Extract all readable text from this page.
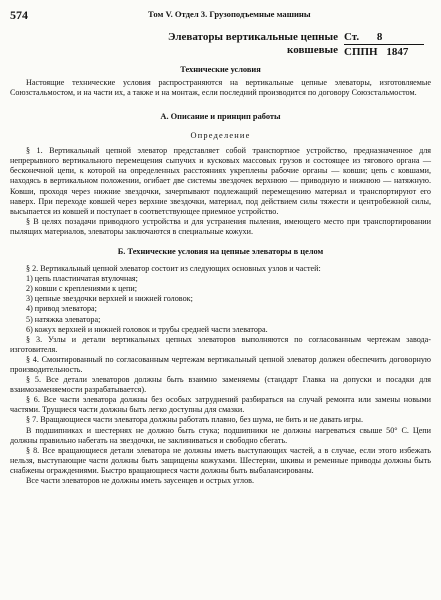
574	Том V. Отдел 3. Грузоподъемные машины
Элеваторы вертикальные цепные
ковшевые
Ст. 8
СППН 1847
Технические условия

Настоящие технические условия распространяются на вертикальные цепные элеваторы, изготовляемые Союзстальмостом, и на части их, а также и на монтаж, если последний производится по договору Союзстальмостом.

А. Описание и принцип работы
Определение

§ 1. Вертикальный цепной элеватор представляет собой транспортное устройство, предназначенное для непрерывного вертикального перемещения сыпучих и кусковых массовых грузов и состоящее из тягового органа — бесконечной цепи, к которой на определенных расстояниях укреплены рабочие органы — ковши; цепь с ковшами, находясь в вертикальном положении, огибает две системы звездочек верхнюю — приводную и нижнюю — натяжную. Ковши, проходя через нижние звездочки, зачерпывают подлежащий перемещению материал и транспортируют его наверх. При переходе ковшей через верхние звездочки, материал, под действием силы тяжести и центробежной силы, высыпается из ковшей и поступает в соответствующее приемное устройство.

§ В целях позадачи приводного устройства и для устранения пыления, имеющего место при транспортировании пылящих материалов, элеваторы заключаются в специальные кожухи.

Б. Технические условия на цепные элеваторы в целом

§ 2. Вертикальный цепной элеватор состоит из следующих основных узлов и частей:

1) цепь пластинчатая втулочная;
2) ковши с креплениями к цепи;
3) цепные звездочки верхней и нижней головок;
4) привод элеватора;
5) натяжка элеватора;
6) кожух верхней и нижней головок и трубы средней части элеватора.

§ 3. Узлы и детали вертикальных цепных элеваторов выполняются по согласованным чертежам завода-изготовителя.

§ 4. Смонтированный по согласованным чертежам вертикальный цепной элеватор должен обеспечить договорную производительность.

§ 5. Все детали элеваторов должны быть взаимно заменяемы (стандарт Главка на допуски и посадки для взаимозаменяемости разрабатывается).

§ 6. Все части элеватора должны без особых затруднений разбираться на случай ремонта или замены новыми частями. Трущиеся части должны быть легко доступны для смазки.

§ 7. Вращающиеся части элеватора должны работать плавно, без шума, не бить и не давать игры.

В подшипниках и шестернях не должно быть стука; подшипники не должны нагреваться свыше 50° С. Цепи должны правильно набегать на звездочки, не заклиниваться и свободно сбегать.

§ 8. Все вращающиеся детали элеватора не должны иметь выступающих частей, а в случае, если этого избежать нельзя, выступающие части должны быть защищены кожухами. Шестерни, шкивы и ременные приводы должны быть снабжены ограждениями. Быстро вращающиеся части должны быть выбалансированы.

Все части элеваторов не должны иметь заусенцев и острых углов.
